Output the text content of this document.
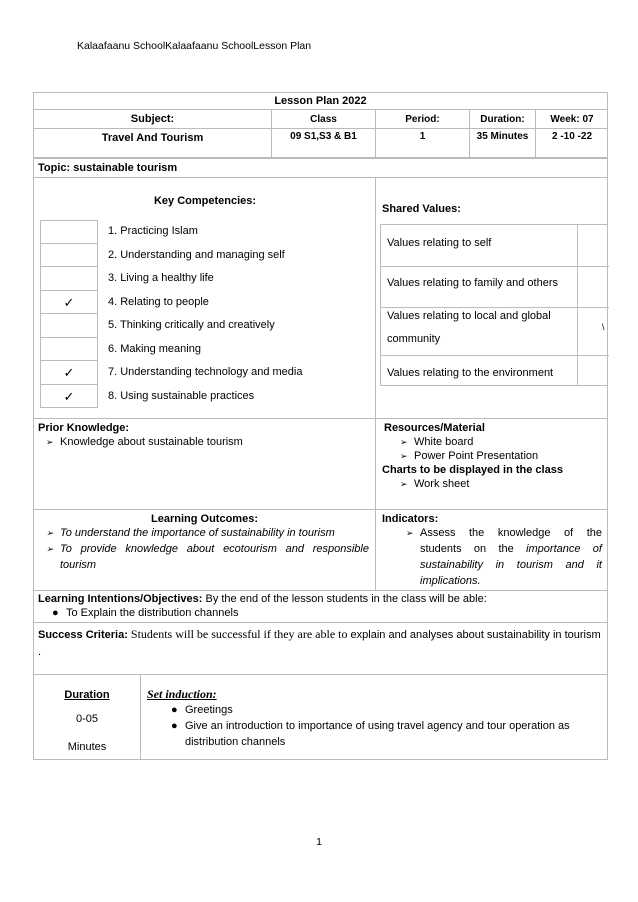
Kalaafaanu SchoolKalaafaanu SchoolLesson Plan
Lesson Plan 2022
Subject:	Class	Period:	Duration:	Week: 07
Travel And Tourism	09 S1,S3 & B1	1	35 Minutes	2 -10 -22
Topic: sustainable tourism
Key Competencies:
1. Practicing Islam
2. Understanding and managing self
3. Living a healthy life
✓	4. Relating to people
5. Thinking critically and creatively
6. Making meaning
✓	7. Understanding technology and media
✓	8. Using sustainable practices
Shared Values:
Values relating to self
Values relating to family and others
Values relating to local and global
community
Values relating to the environment
\
Prior Knowledge:
➢ Knowledge about sustainable tourism
Resources/Material
➢ White board
➢ Power Point Presentation
Charts to be displayed in the class
➢ Work sheet
Learning Outcomes:
➢ To understand the importance of sustainability in tourism
➢ To provide knowledge about ecotourism and responsible tourism
Indicators:
➢ Assess the knowledge of the students on the importance of sustainability in tourism and it implications.
Learning Intentions/Objectives: By the end of the lesson students in the class will be able:
● To Explain the distribution channels
Success Criteria: Students will be successful if they are able to explain and analyses about sustainability in tourism .
Duration
0-05
Minutes
Set induction:
● Greetings
● Give an introduction to importance of using travel agency and tour operation as distribution channels
1
